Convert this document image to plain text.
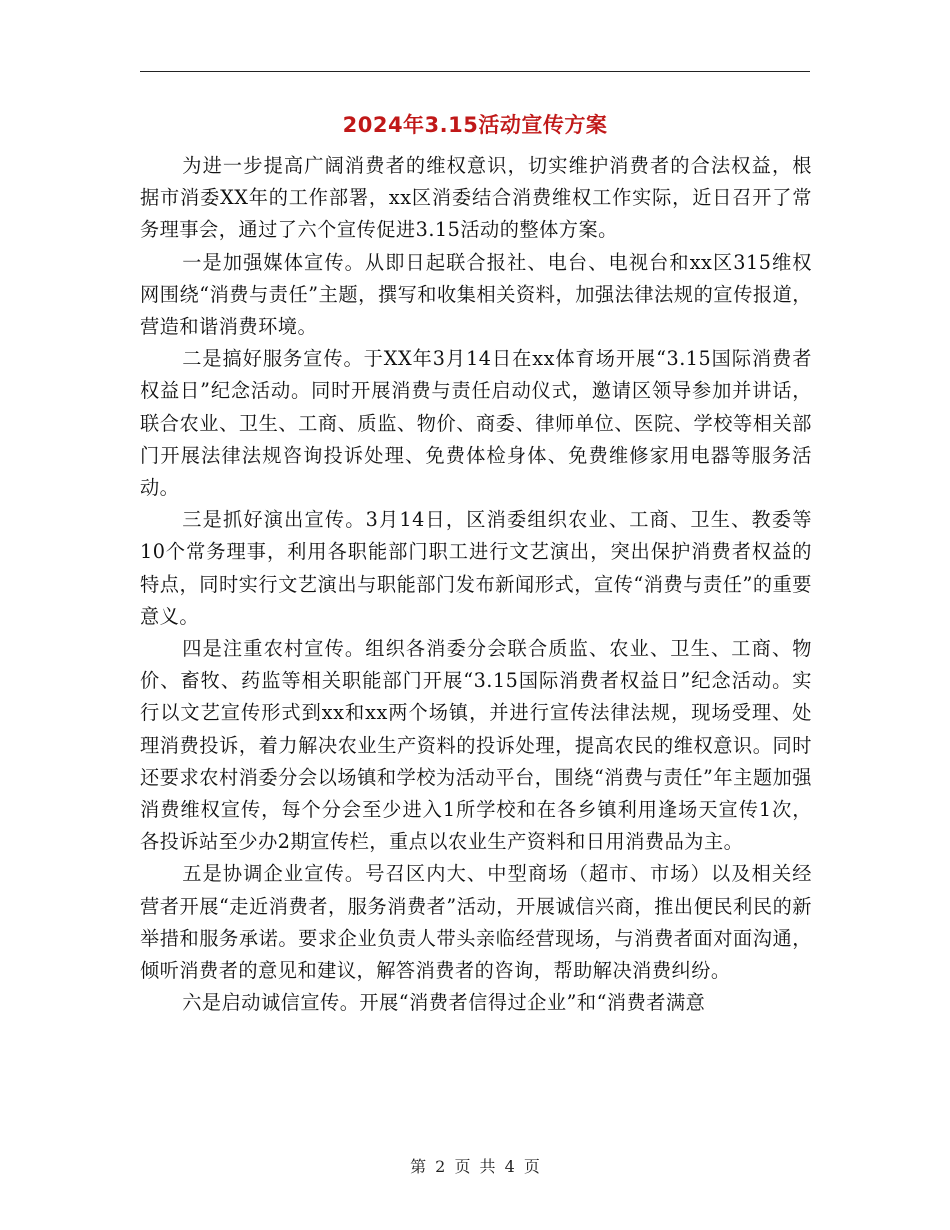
2024年3.15活动宣传方案

为进一步提高广阔消费者的维权意识，切实维护消费者的合法权益，根据市消委XX年的工作部署，xx区消委结合消费维权工作实际，近日召开了常务理事会，通过了六个宣传促进3.15活动的整体方案。

一是加强媒体宣传。从即日起联合报社、电台、电视台和xx区315维权网围绕“消费与责任”主题，撰写和收集相关资料，加强法律法规的宣传报道，营造和谐消费环境。

二是搞好服务宣传。于XX年3月14日在xx体育场开展“3.15国际消费者权益日”纪念活动。同时开展消费与责任启动仪式，邀请区领导参加并讲话，联合农业、卫生、工商、质监、物价、商委、律师单位、医院、学校等相关部门开展法律法规咨询投诉处理、免费体检身体、免费维修家用电器等服务活动。

三是抓好演出宣传。3月14日，区消委组织农业、工商、卫生、教委等10个常务理事，利用各职能部门职工进行文艺演出，突出保护消费者权益的特点，同时实行文艺演出与职能部门发布新闻形式，宣传“消费与责任”的重要意义。

四是注重农村宣传。组织各消委分会联合质监、农业、卫生、工商、物价、畜牧、药监等相关职能部门开展“3.15国际消费者权益日”纪念活动。实行以文艺宣传形式到xx和xx两个场镇，并进行宣传法律法规，现场受理、处理消费投诉，着力解决农业生产资料的投诉处理，提高农民的维权意识。同时还要求农村消委分会以场镇和学校为活动平台，围绕“消费与责任”年主题加强消费维权宣传，每个分会至少进入1所学校和在各乡镇利用逢场天宣传1次，各投诉站至少办2期宣传栏，重点以农业生产资料和日用消费品为主。

五是协调企业宣传。号召区内大、中型商场（超市、市场）以及相关经营者开展“走近消费者，服务消费者”活动，开展诚信兴商，推出便民利民的新举措和服务承诺。要求企业负责人带头亲临经营现场，与消费者面对面沟通，倾听消费者的意见和建议，解答消费者的咨询，帮助解决消费纠纷。

六是启动诚信宣传。开展“消费者信得过企业”和“消费者满意

第 2 页 共 4 页
